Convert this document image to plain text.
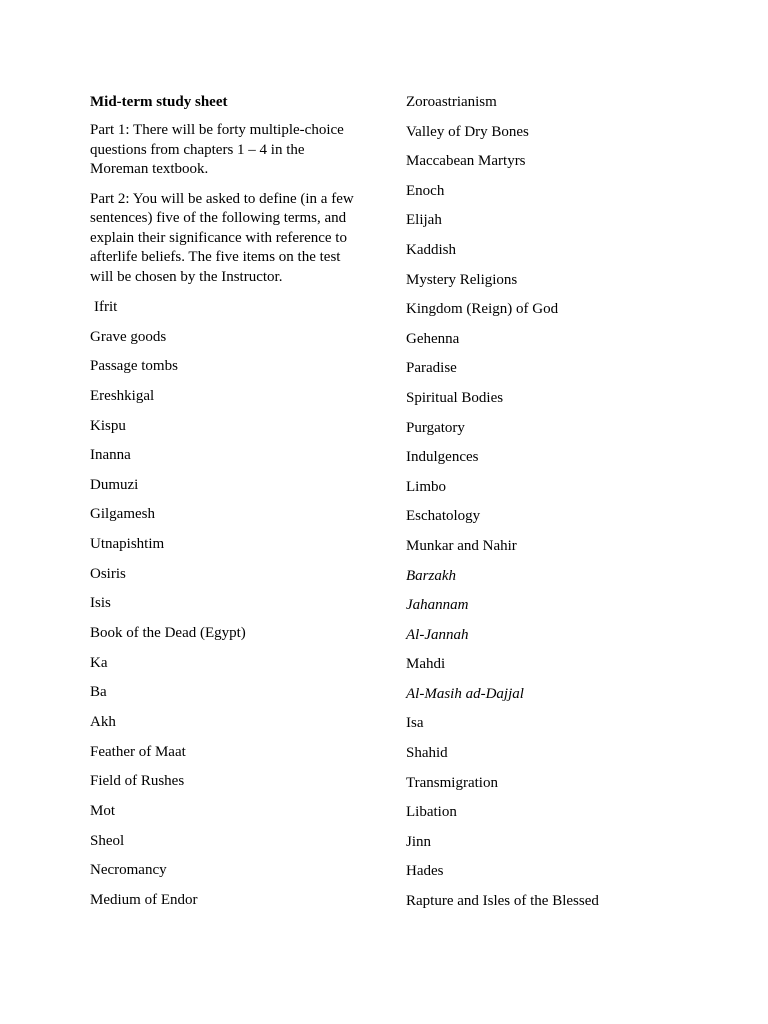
Mid-term study sheet
Part 1: There will be forty multiple-choice questions from chapters 1 – 4 in the Moreman textbook.
Part 2: You will be asked to define (in a few sentences) five of the following terms, and explain their significance with reference to afterlife beliefs. The five items on the test will be chosen by the Instructor.
Ifrit
Grave goods
Passage tombs
Ereshkigal
Kispu
Inanna
Dumuzi
Gilgamesh
Utnapishtim
Osiris
Isis
Book of the Dead (Egypt)
Ka
Ba
Akh
Feather of Maat
Field of Rushes
Mot
Sheol
Necromancy
Medium of Endor
Zoroastrianism
Valley of Dry Bones
Maccabean Martyrs
Enoch
Elijah
Kaddish
Mystery Religions
Kingdom (Reign) of God
Gehenna
Paradise
Spiritual Bodies
Purgatory
Indulgences
Limbo
Eschatology
Munkar and Nahir
Barzakh
Jahannam
Al-Jannah
Mahdi
Al-Masih ad-Dajjal
Isa
Shahid
Transmigration
Libation
Jinn
Hades
Rapture and Isles of the Blessed
